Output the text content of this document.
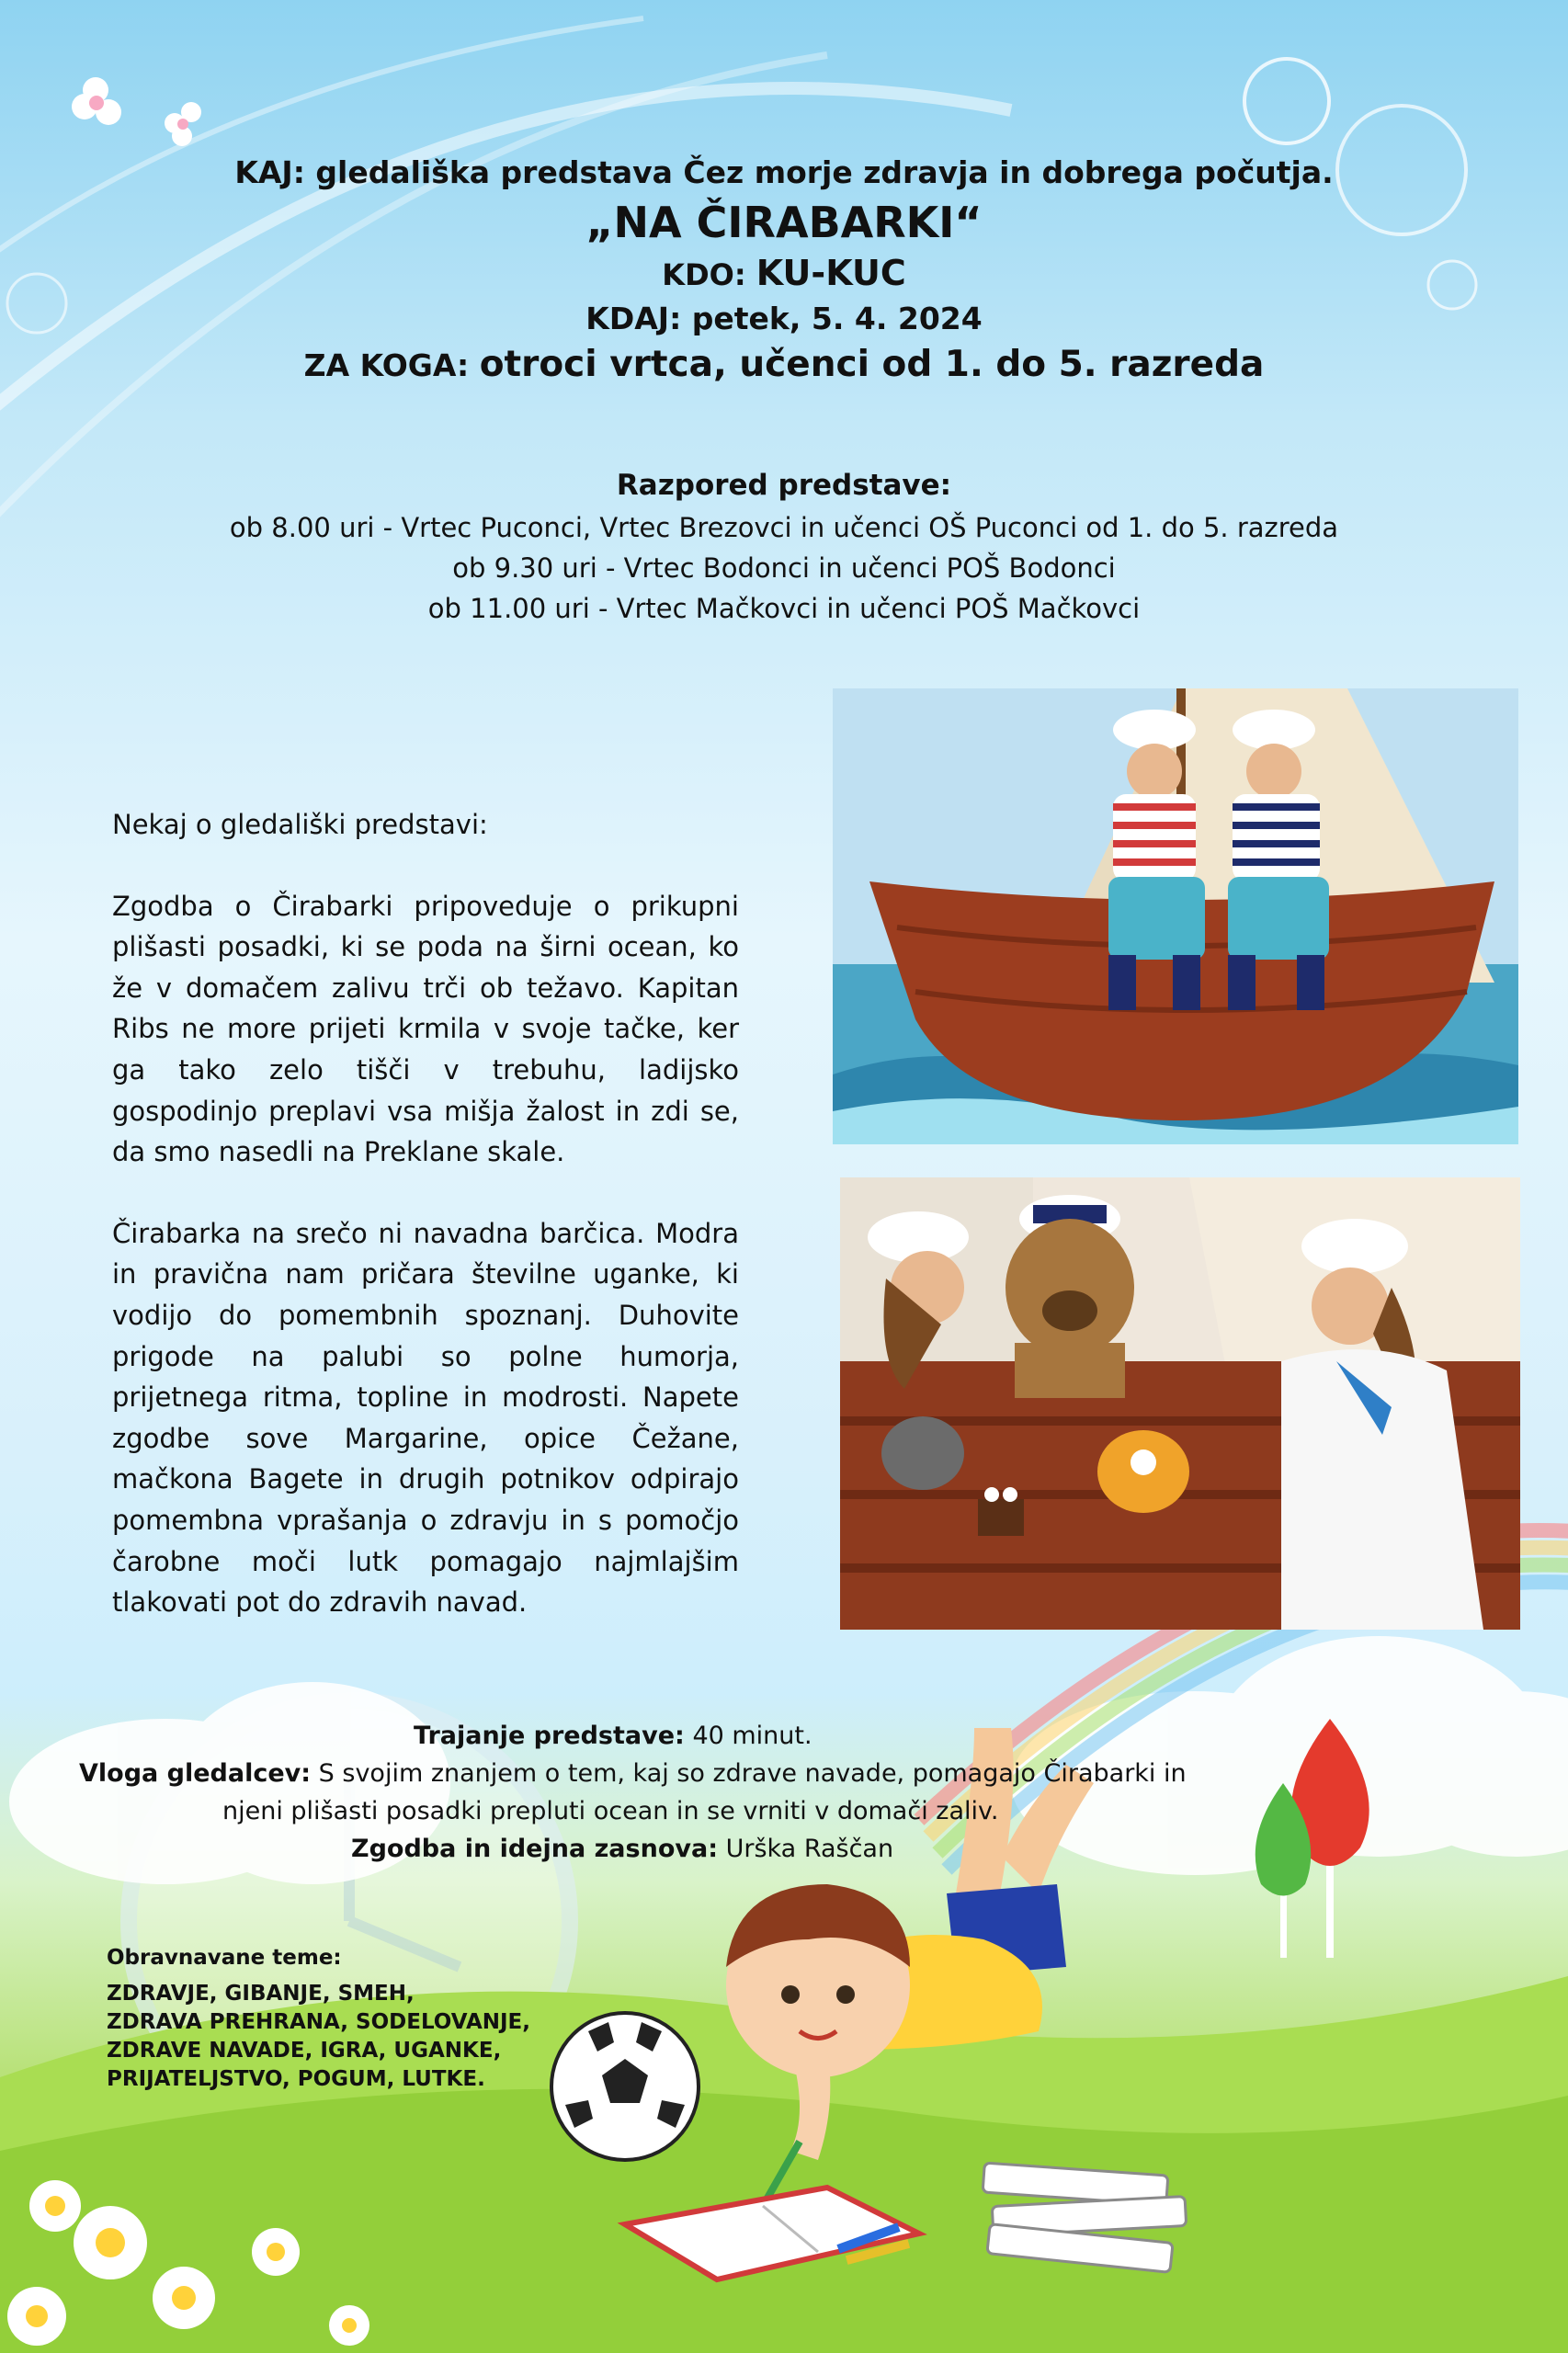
KAJ: gledališka predstava Čez morje zdravja in dobrega počutja.
„NA ČIRABARKI“
KDO: KU-KUC
KDAJ: petek, 5. 4. 2024
ZA KOGA: otroci vrtca, učenci od 1. do 5. razreda
Razpored predstave:
ob 8.00 uri - Vrtec Puconci, Vrtec Brezovci in učenci OŠ Puconci od 1. do 5. razreda
ob 9.30 uri - Vrtec Bodonci in učenci POŠ Bodonci
ob 11.00 uri - Vrtec Mačkovci in učenci POŠ Mačkovci

Nekaj o gledališki predstavi:

Zgodba o Čirabarki pripoveduje o prikupni plišasti posadki, ki se poda na širni ocean, ko že v domačem zalivu trči ob težavo. Kapitan Ribs ne more prijeti krmila v svoje tačke, ker ga tako zelo tišči v trebuhu, ladijsko gospodinjo preplavi vsa mišja žalost in zdi se, da smo nasedli na Preklane skale.

Čirabarka na srečo ni navadna barčica. Modra in pravična nam pričara številne uganke, ki vodijo do pomembnih spoznanj. Duhovite prigode na palubi so polne humorja, prijetnega ritma, topline in modrosti. Napete zgodbe sove Margarine, opice Čežane, mačkona Bagete in drugih potnikov odpirajo pomembna vprašanja o zdravju in s pomočjo čarobne moči lutk pomagajo najmlajšim tlakovati pot do zdravih navad.

Trajanje predstave: 40 minut.
Vloga gledalcev: S svojim znanjem o tem, kaj so zdrave navade, pomagajo Čirabarki in
njeni plišasti posadki prepluti ocean in se vrniti v domači zaliv.
Zgodba in idejna zasnova: Urška Raščan
Obravnavane teme:
ZDRAVJE, GIBANJE, SMEH,
ZDRAVA PREHRANA, SODELOVANJE,
ZDRAVE NAVADE, IGRA, UGANKE,
PRIJATELJSTVO, POGUM, LUTKE.
